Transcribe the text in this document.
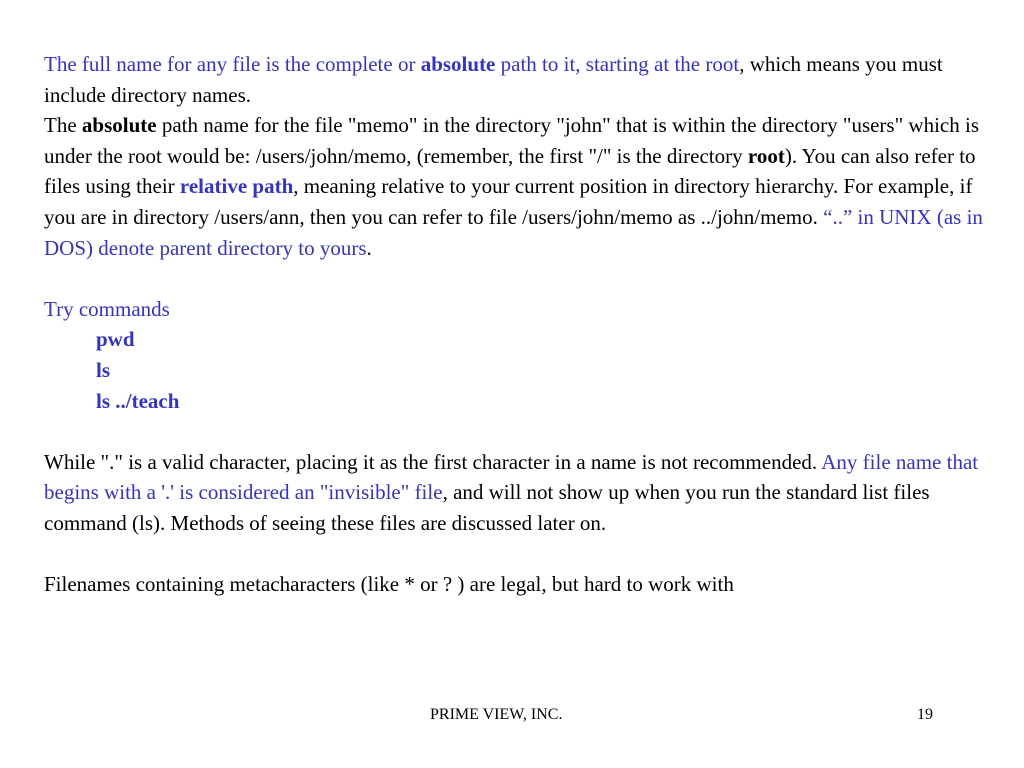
The full name for any file is the complete or absolute path to it, starting at the root, which means you must include directory names.

The absolute path name for the file "memo" in the directory "john" that is within the directory "users" which is under the root would be: /users/john/memo, (remember, the first "/" is the directory root). You can also refer to files using their relative path, meaning relative to your current position in directory hierarchy. For example, if you are in directory /users/ann, then you can refer to file /users/john/memo as ../john/memo. “..” in UNIX (as in DOS) denote parent directory to yours.

Try commands

pwd

ls

ls ../teach

While "." is a valid character, placing it as the first character in a name is not recommended. Any file name that begins with a '.' is considered an "invisible" file, and will not show up when you run the standard list files command (ls). Methods of seeing these files are discussed later on.

Filenames containing metacharacters (like * or ? ) are legal, but hard to work with

PRIME VIEW, INC.	19
